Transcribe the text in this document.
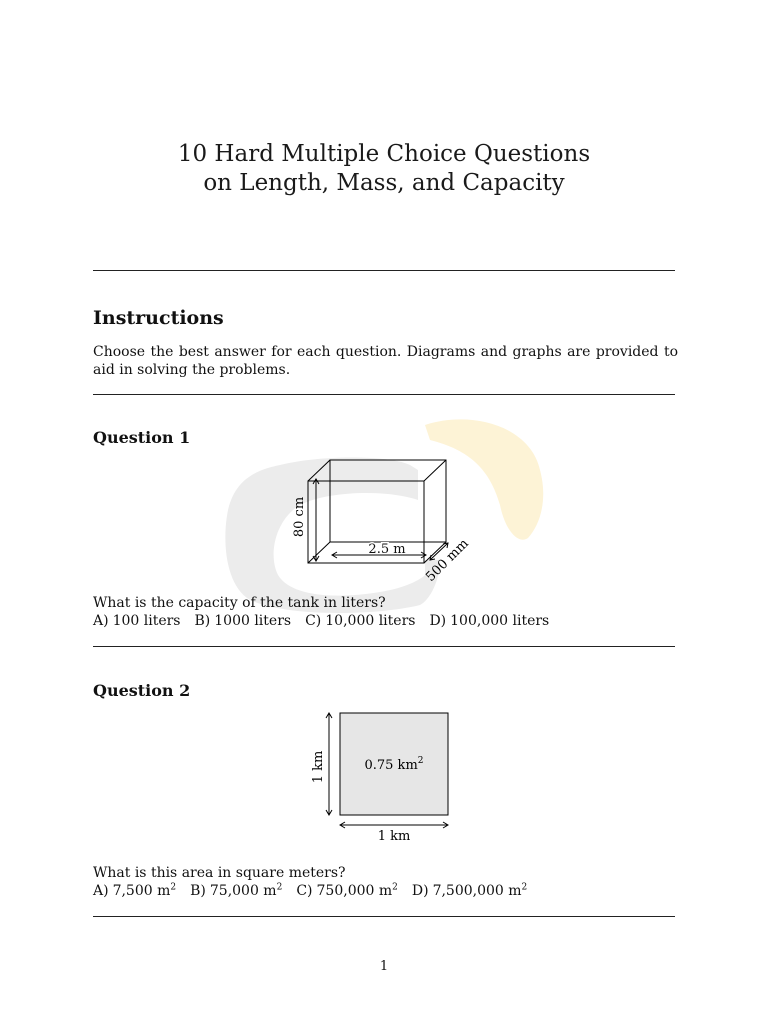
10 Hard Multiple Choice Questions
on Length, Mass, and Capacity
Instructions
Choose the best answer for each question. Diagrams and graphs are provided to aid in solving the problems.
Question 1
80 cm
2.5 m 500 mm
What is the capacity of the tank in liters?
A) 100 liters B) 1000 liters C) 10,000 liters D) 100,000 liters
Question 2
1 km	0.75 $km^2$
1 km
What is this area in square meters?
A) 7,500 $m^2$ B) 75,000 $m^2$ C) 750,000 $m^2$ D) 7,500,000 $m^2$
1
